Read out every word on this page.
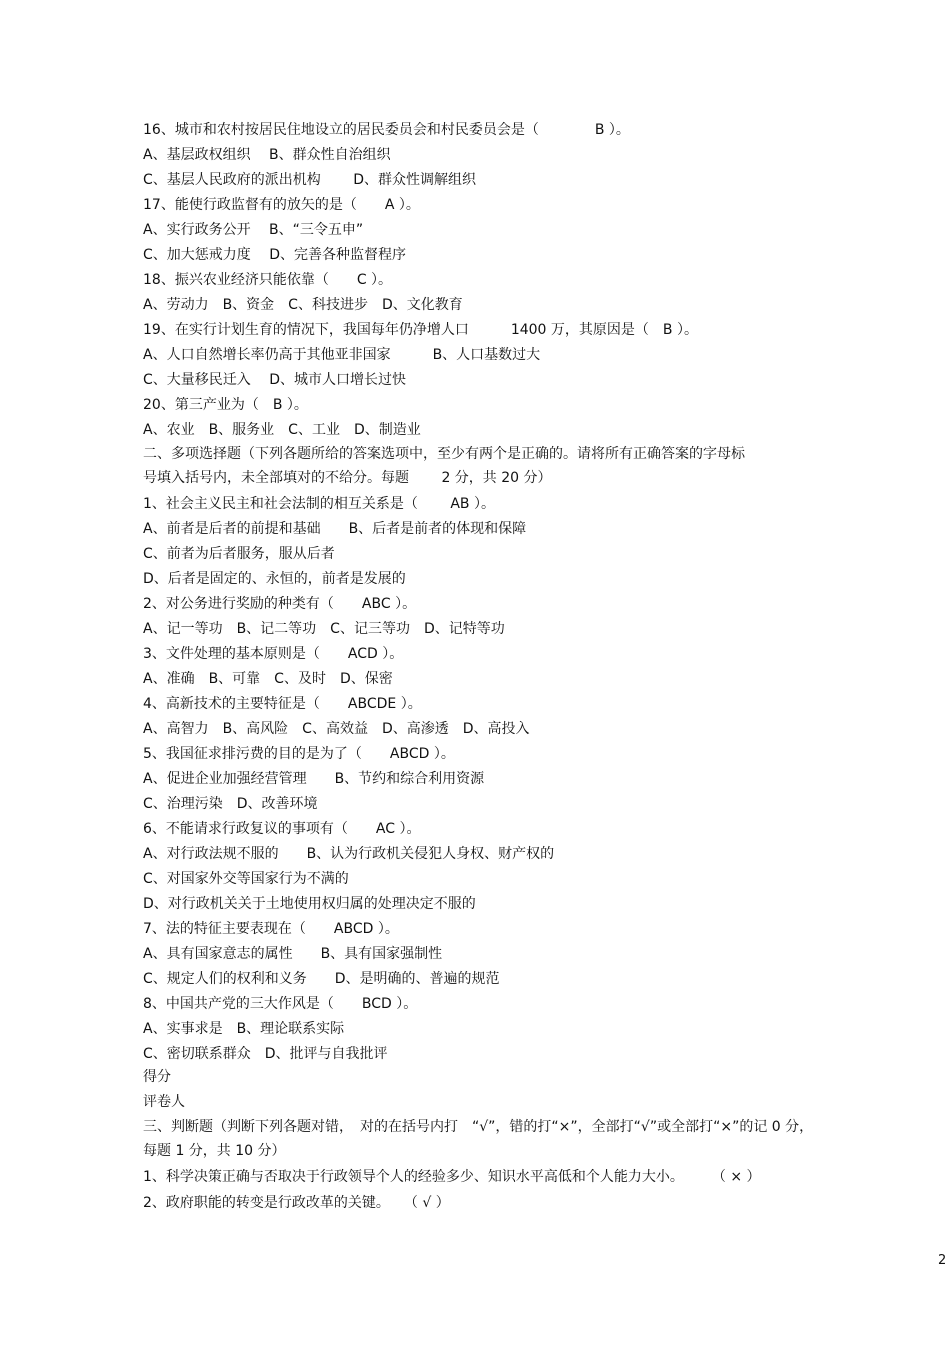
16、城市和农村按居民住地设立的居民委员会和村民委员会是（　　　　B ）。
A、基层政权组织　 B、群众性自治组织
C、基层人民政府的派出机构　 　D、群众性调解组织
17、能使行政监督有的放矢的是（　　A ）。
A、实行政务公开　 B、“三令五申”
C、加大惩戒力度　 D、完善各种监督程序
18、振兴农业经济只能依靠（　　C ）。
A、劳动力　B、资金　C、科技进步　D、文化教育
19、在实行计划生育的情况下，我国每年仍净增人口　　　1400 万，其原因是（　B ）。
A、人口自然增长率仍高于其他亚非国家　　　B、人口基数过大
C、大量移民迁入　 D、城市人口增长过快
20、第三产业为（　B ）。
A、农业　B、服务业　C、工业　D、制造业
二、多项选择题（下列各题所给的答案选项中，至少有两个是正确的。请将所有正确答案的字母标
号填入括号内，未全部填对的不给分。每题　　 2 分，共 20 分）
1、社会主义民主和社会法制的相互关系是（　　 AB ）。
A、前者是后者的前提和基础　　B、后者是前者的体现和保障
C、前者为后者服务，服从后者
D、后者是固定的、永恒的，前者是发展的
2、对公务进行奖励的种类有（　　ABC ）。
A、记一等功　B、记二等功　C、记三等功　D、记特等功
3、文件处理的基本原则是（　　ACD ）。
A、准确　B、可靠　C、及时　D、保密
4、高新技术的主要特征是（　　ABCDE ）。
A、高智力　B、高风险　C、高效益　D、高渗透　D、高投入
5、我国征求排污费的目的是为了（　　ABCD ）。
A、促进企业加强经营管理　　B、节约和综合利用资源
C、治理污染　D、改善环境
6、不能请求行政复议的事项有（　　AC ）。
A、对行政法规不服的　　B、认为行政机关侵犯人身权、财产权的
C、对国家外交等国家行为不满的
D、对行政机关关于土地使用权归属的处理决定不服的
7、法的特征主要表现在（　　ABCD ）。
A、具有国家意志的属性　　B、具有国家强制性
C、规定人们的权利和义务　　D、是明确的、普遍的规范
8、中国共产党的三大作风是（　　BCD ）。
A、实事求是　B、理论联系实际
C、密切联系群众　D、批评与自我批评
得分
评卷人
三、判断题（判断下列各题对错，　对的在括号内打　“√”，错的打“×”，全部打“√”或全部打“×”的记 0 分，
每题 1 分，共 10 分）
1、科学决策正确与否取决于行政领导个人的经验多少、知识水平高低和个人能力大小。　　　（ × ）
2、政府职能的转变是行政改革的关键。　　（ √ ）
2
